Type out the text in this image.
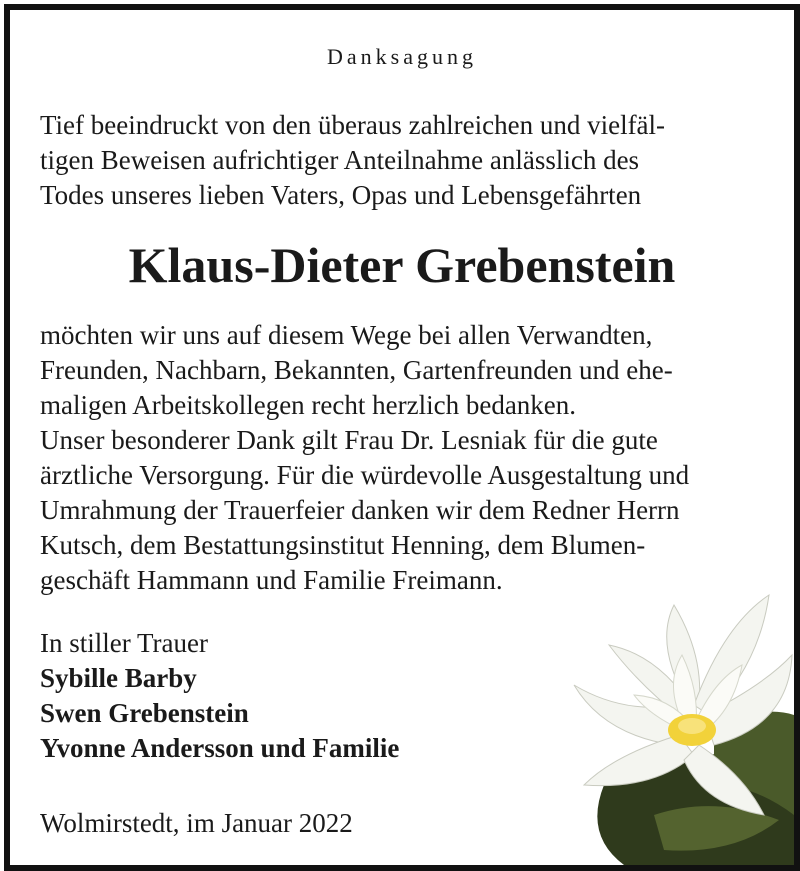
Danksagung

Tief beeindruckt von den überaus zahlreichen und vielfäl-

tigen Beweisen aufrichtiger Anteilnahme anlässlich des

Todes unseres lieben Vaters, Opas und Lebensgefährten

Klaus-Dieter Grebenstein

möchten wir uns auf diesem Wege bei allen Verwandten,

Freunden, Nachbarn, Bekannten, Gartenfreunden und ehe-

maligen Arbeitskollegen recht herzlich bedanken.

Unser besonderer Dank gilt Frau Dr. Lesniak für die gute

ärztliche Versorgung. Für die würdevolle Ausgestaltung und

Umrahmung der Trauerfeier danken wir dem Redner Herrn

Kutsch, dem Bestattungsinstitut Henning, dem Blumen-

geschäft Hammann und Familie Freimann.

In stiller Trauer
Sybille Barby
Swen Grebenstein
Yvonne Andersson und Familie
Wolmirstedt, im Januar 2022
